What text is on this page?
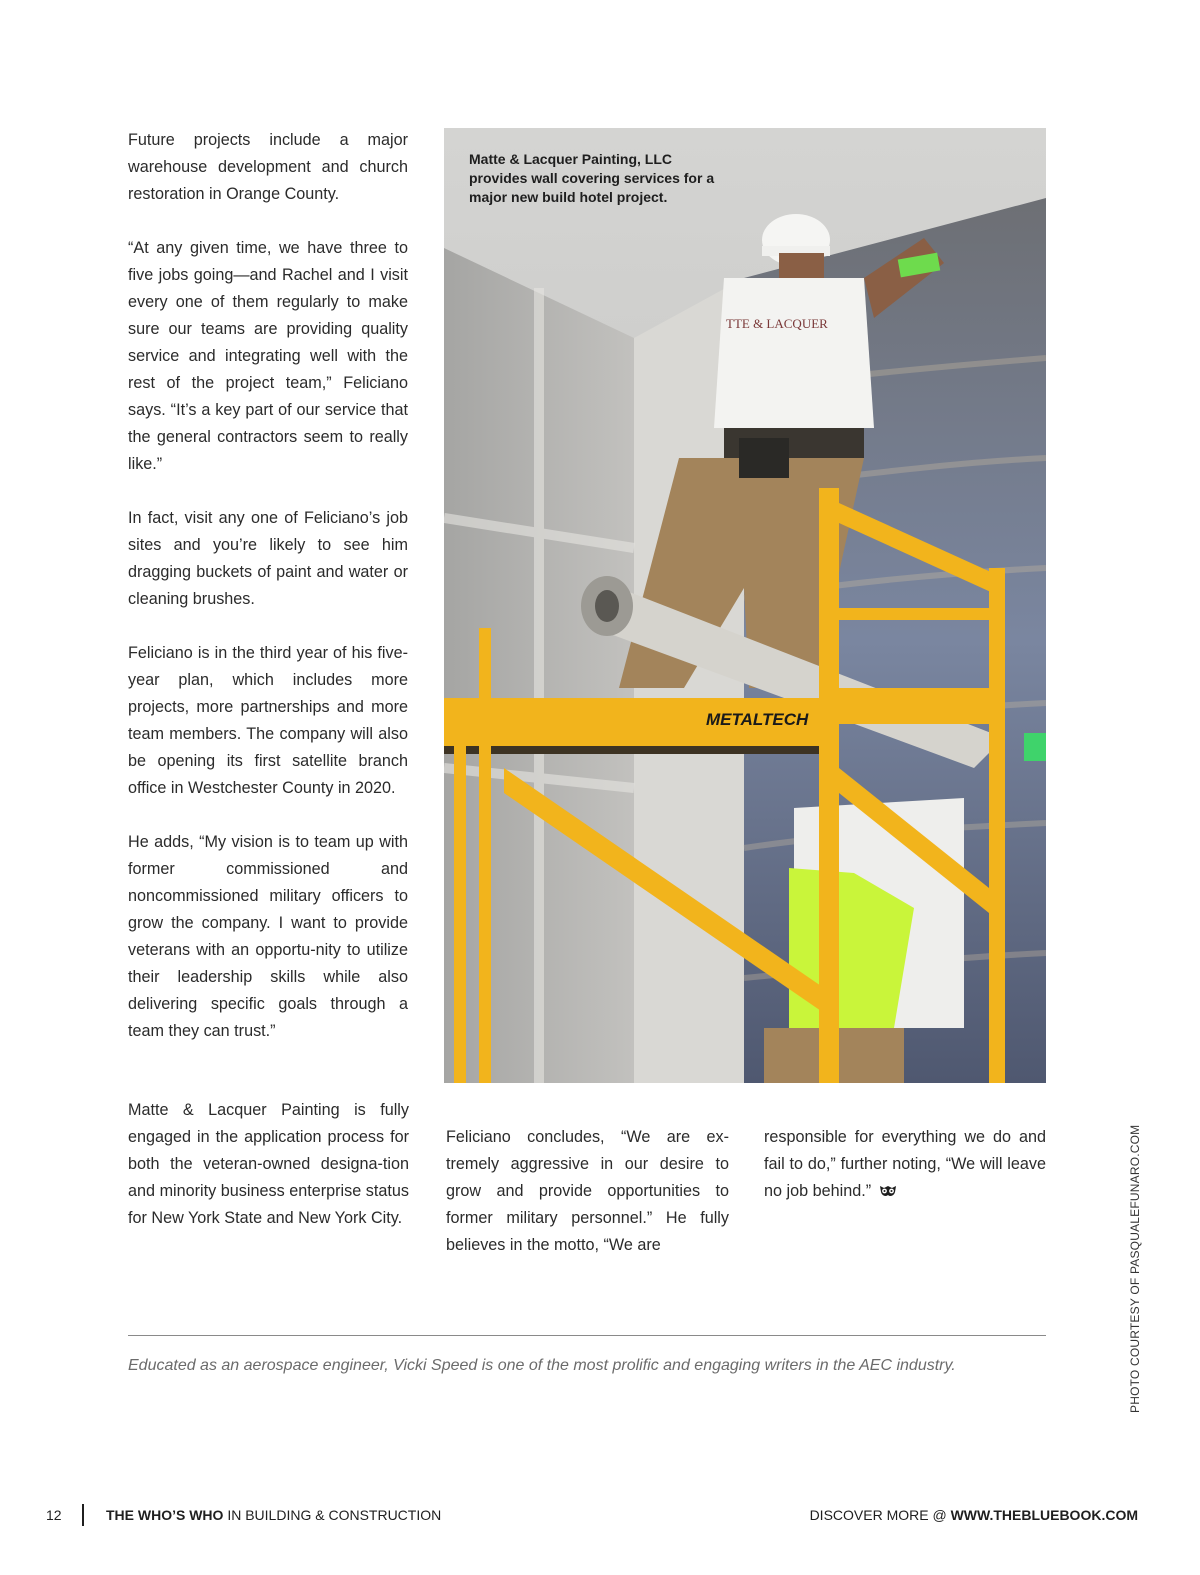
Future projects include a major warehouse development and church restoration in Orange County.

“At any given time, we have three to five jobs going—and Rachel and I visit every one of them regularly to make sure our teams are providing quality service and integrating well with the rest of the project team,” Feliciano says. “It’s a key part of our service that the general contractors seem to really like.”

In fact, visit any one of Feliciano’s job sites and you’re likely to see him dragging buckets of paint and water or cleaning brushes.

Feliciano is in the third year of his five-year plan, which includes more projects, more partnerships and more team members. The company will also be opening its first satellite branch office in Westchester County in 2020.

He adds, “My vision is to team up with former commissioned and noncommissioned military officers to grow the company. I want to provide veterans with an opportu-nity to utilize their leadership skills while also delivering specific goals through a team they can trust.”

TTE & LACQUER
METALTECH

Matte & Lacquer Painting, LLC provides wall covering services for a major new build hotel project.

Matte & Lacquer Painting is fully engaged in the application process for both the veteran-owned designa-tion and minority business enterprise status for New York State and New York City.

Feliciano concludes, “We are ex-tremely aggressive in our desire to grow and provide opportunities to former military personnel.” He fully believes in the motto, “We are

responsible for everything we do and fail to do,” further noting, “We will leave no job behind.”

Educated as an aerospace engineer, Vicki Speed is one of the most prolific and engaging writers in the AEC industry.	PHOTO COURTESY OF PASQUALEFUNARO.COM
12	THE WHO’S WHO IN BUILDING & CONSTRUCTION	DISCOVER MORE @ WWW.THEBLUEBOOK.COM
